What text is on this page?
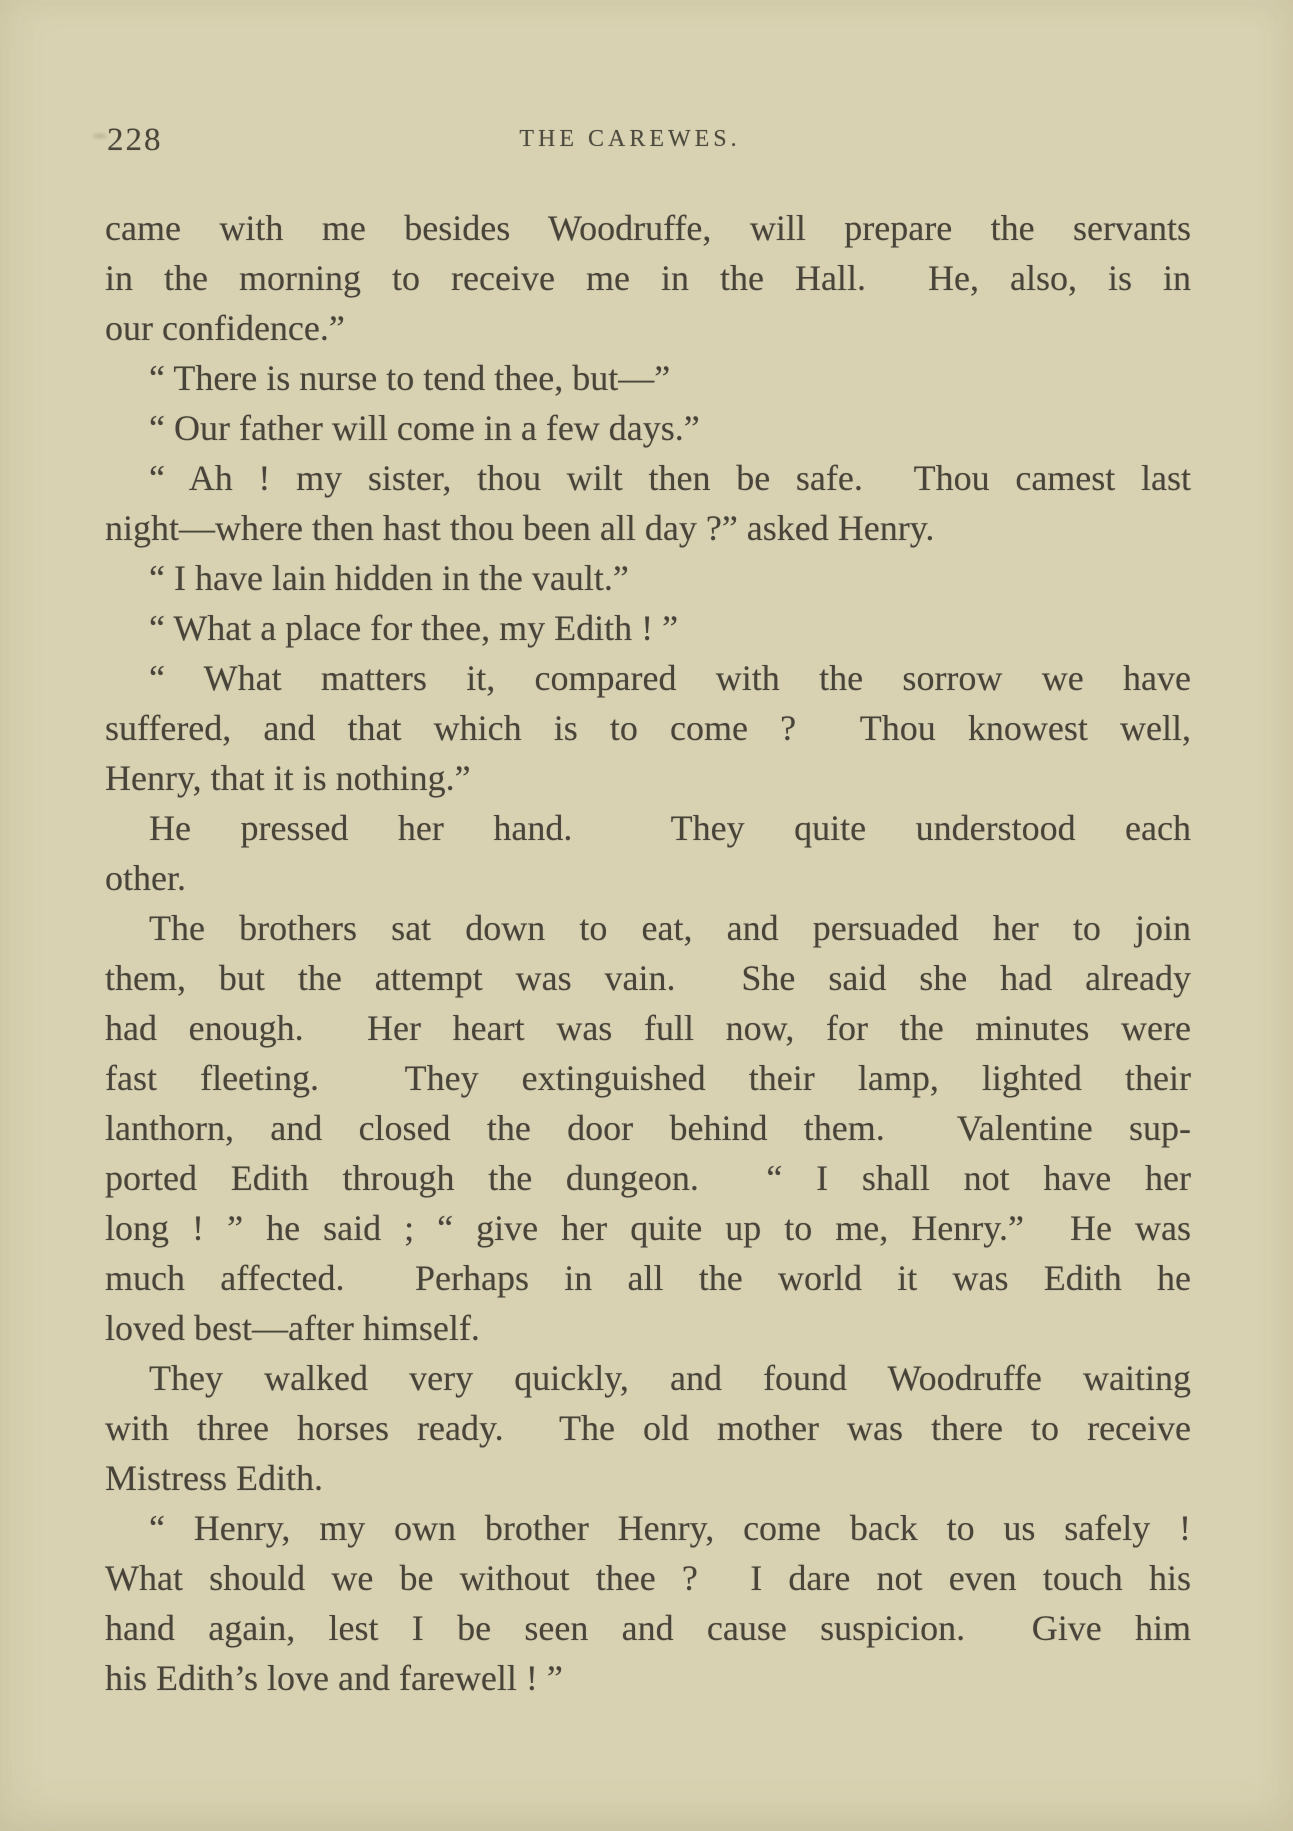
228	THE CAREWES.
came with me besides Woodruffe, will prepare the servants
in the morning to receive me in the Hall.  He, also, is in
our confidence.”
“ There is nurse to tend thee, but—”
“ Our father will come in a few days.”
“ Ah ! my sister, thou wilt then be safe.  Thou camest last
night—where then hast thou been all day ?” asked Henry.
“ I have lain hidden in the vault.”
“ What a place for thee, my Edith ! ”
“ What matters it, compared with the sorrow we have
suffered, and that which is to come ?  Thou knowest well,
Henry, that it is nothing.”
He pressed her hand.  They quite understood each
other.
The brothers sat down to eat, and persuaded her to join
them, but the attempt was vain.  She said she had already
had enough.  Her heart was full now, for the minutes were
fast fleeting.  They extinguished their lamp, lighted their
lanthorn, and closed the door behind them.  Valentine sup-
ported Edith through the dungeon.  “ I shall not have her
long ! ” he said ; “ give her quite up to me, Henry.”  He was
much affected.  Perhaps in all the world it was Edith he
loved best—after himself.
They walked very quickly, and found Woodruffe waiting
with three horses ready.  The old mother was there to receive
Mistress Edith.
“ Henry, my own brother Henry, come back to us safely !
What should we be without thee ?  I dare not even touch his
hand again, lest I be seen and cause suspicion.  Give him
his Edith’s love and farewell ! ”
